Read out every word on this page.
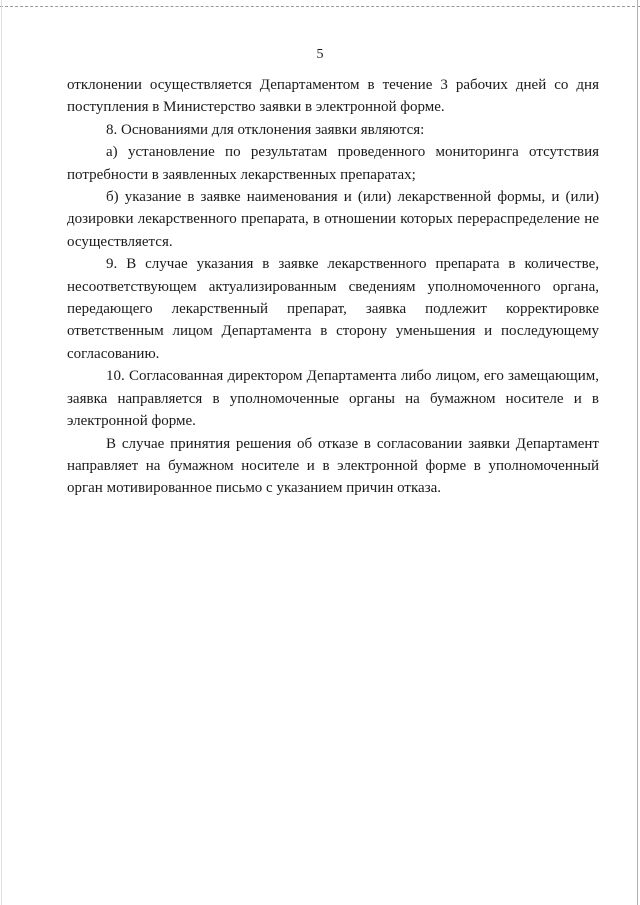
5

отклонении осуществляется Департаментом в течение 3 рабочих дней со дня поступления в Министерство заявки в электронной форме.

8. Основаниями для отклонения заявки являются:

а) установление по результатам проведенного мониторинга отсутствия потребности в заявленных лекарственных препаратах;

б) указание в заявке наименования и (или) лекарственной формы, и (или) дозировки лекарственного препарата, в отношении которых перераспределение не осуществляется.

9. В случае указания в заявке лекарственного препарата в количестве, несоответствующем актуализированным сведениям уполномоченного органа, передающего лекарственный препарат, заявка подлежит корректировке ответственным лицом Департамента в сторону уменьшения и последующему согласованию.

10. Согласованная директором Департамента либо лицом, его замещающим, заявка направляется в уполномоченные органы на бумажном носителе и в электронной форме.

В случае принятия решения об отказе в согласовании заявки Департамент направляет на бумажном носителе и в электронной форме в уполномоченный орган мотивированное письмо с указанием причин отказа.
